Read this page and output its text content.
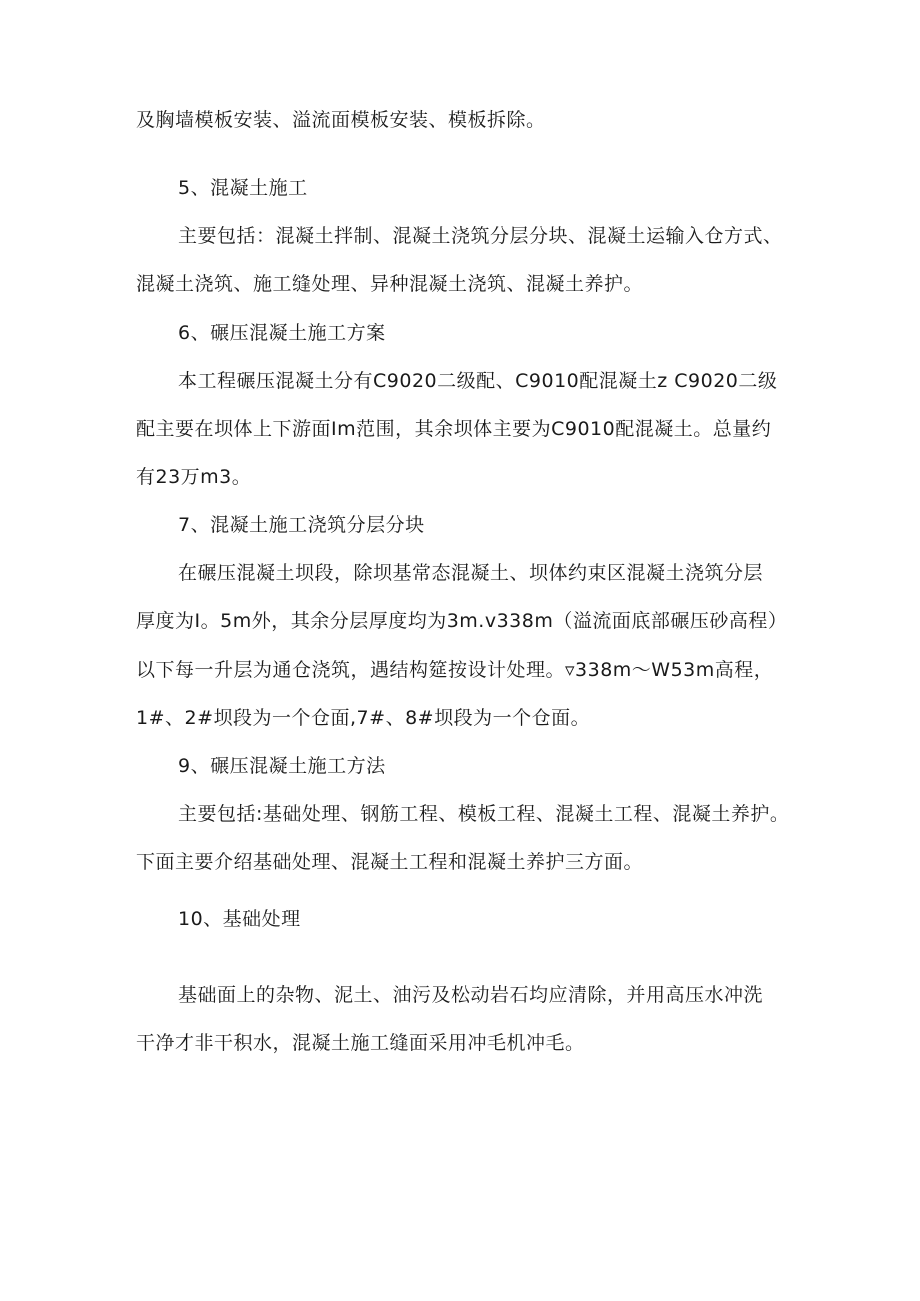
及胸墙模板安装、溢流面模板安装、模板拆除。
5、混凝土施工
主要包括：混凝土拌制、混凝土浇筑分层分块、混凝土运输入仓方式、
混凝土浇筑、施工缝处理、异种混凝土浇筑、混凝土养护。
6、碾压混凝土施工方案
本工程碾压混凝土分有C9020二级配、C9010配混凝土z C9020二级
配主要在坝体上下游面Im范围，其余坝体主要为C9010配混凝土。总量约
有23万m3。
7、混凝土施工浇筑分层分块
在碾压混凝土坝段，除坝基常态混凝土、坝体约束区混凝土浇筑分层
厚度为I。5m外，其余分层厚度均为3m.v338m（溢流面底部碾压砂高程）
以下每一升层为通仓浇筑，遇结构筵按设计处理。▿338m～W53m高程，
1#、2#坝段为一个仓面,7#、8#坝段为一个仓面。
9、碾压混凝土施工方法
主要包括:基础处理、钢筋工程、模板工程、混凝土工程、混凝土养护。
下面主要介绍基础处理、混凝土工程和混凝土养护三方面。
10、基础处理
基础面上的杂物、泥土、油污及松动岩石均应清除，并用高压水冲洗
干净才非干积水，混凝土施工缝面采用冲毛机冲毛。
